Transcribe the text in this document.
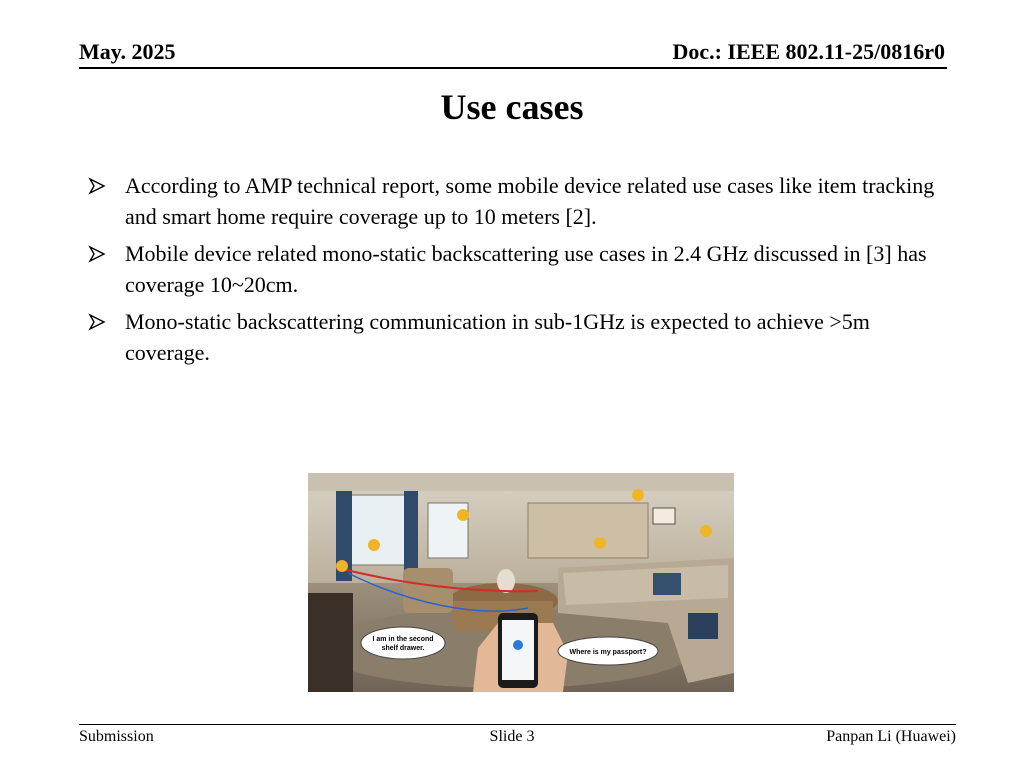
May. 2025	Doc.: IEEE 802.11-25/0816r0
Use cases
According to AMP technical report, some mobile device related use cases like item tracking and smart home require coverage up to 10 meters [2].
Mobile device related mono-static backscattering use cases in 2.4 GHz discussed in [3] has coverage 10~20cm.
Mono-static backscattering communication in sub-1GHz is expected to achieve >5m coverage.
I am in the second
shelf drawer.
Where is my passport?
Submission	Slide 3	Panpan Li (Huawei)
